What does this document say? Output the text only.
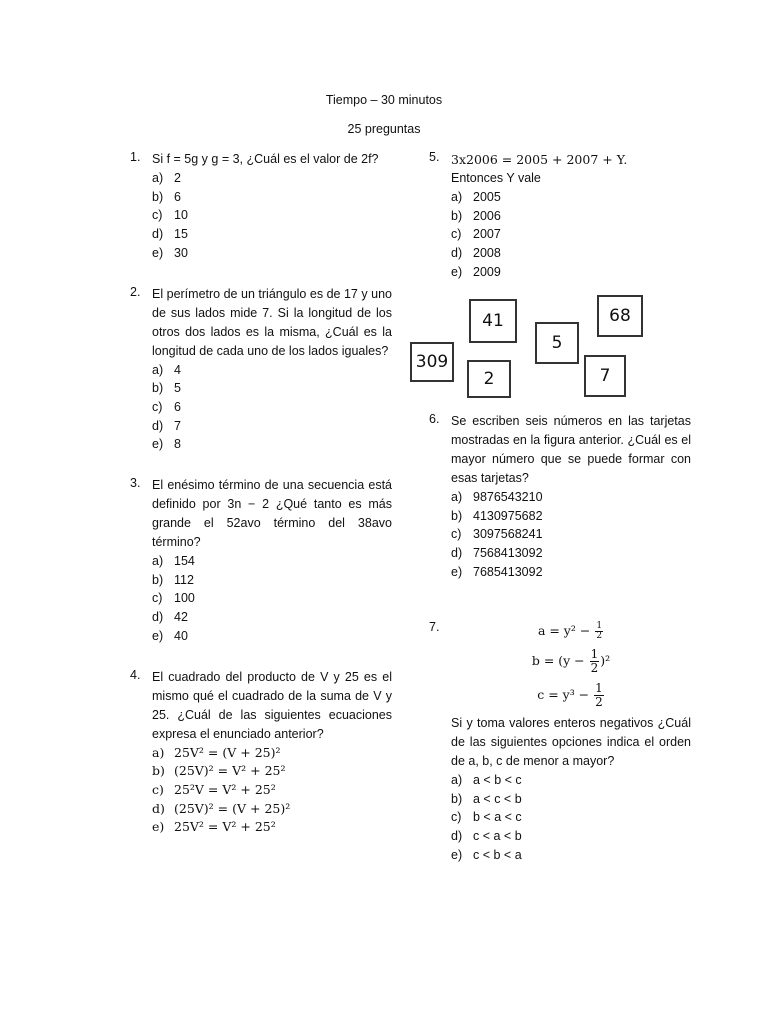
Tiempo – 30 minutos
25 preguntas
1. Si f = 5g y g = 3, ¿Cuál es el valor de 2f?
a) 2
b) 6
c) 10
d) 15
e) 30
2. El perímetro de un triángulo es de 17 y uno de sus lados mide 7. Si la longitud de los otros dos lados es la misma, ¿Cuál es la longitud de cada uno de los lados iguales?
a) 4
b) 5
c) 6
d) 7
e) 8
3. El enésimo término de una secuencia está definido por 3n − 2 ¿Qué tanto es más grande el 52avo término del 38avo término?
a) 154
b) 112
c) 100
d) 42
e) 40
4. El cuadrado del producto de V y 25 es el mismo qué el cuadrado de la suma de V y 25. ¿Cuál de las siguientes ecuaciones expresa el enunciado anterior?
a) 25V² = (V + 25)²
b) (25V)² = V² + 25²
c) 25²V = V² + 25²
d) (25V)² = (V + 25)²
e) 25V² = V² + 25²
5. 3x2006 = 2005 + 2007 + Y.
Entonces Y vale
a) 2005
b) 2006
c) 2007
d) 2008
e) 2009
41	68
5
309
2	7
6. Se escriben seis números en las tarjetas mostradas en la figura anterior. ¿Cuál es el mayor número que se puede formar con esas tarjetas?
a) 9876543210
b) 4130975682
c) 3097568241
d) 7568413092
e) 7685413092
7.	$a = y^2 - \frac{1}{2}$
$b = (y - \frac{1}{2} )^2$
$c = y^3 - \frac{1}{2}$
Si y toma valores enteros negativos ¿Cuál de las siguientes opciones indica el orden de a, b, c de menor a mayor?
a) a < b < c
b) a < c < b
c) b < a < c
d) c < a < b
e) c < b < a
